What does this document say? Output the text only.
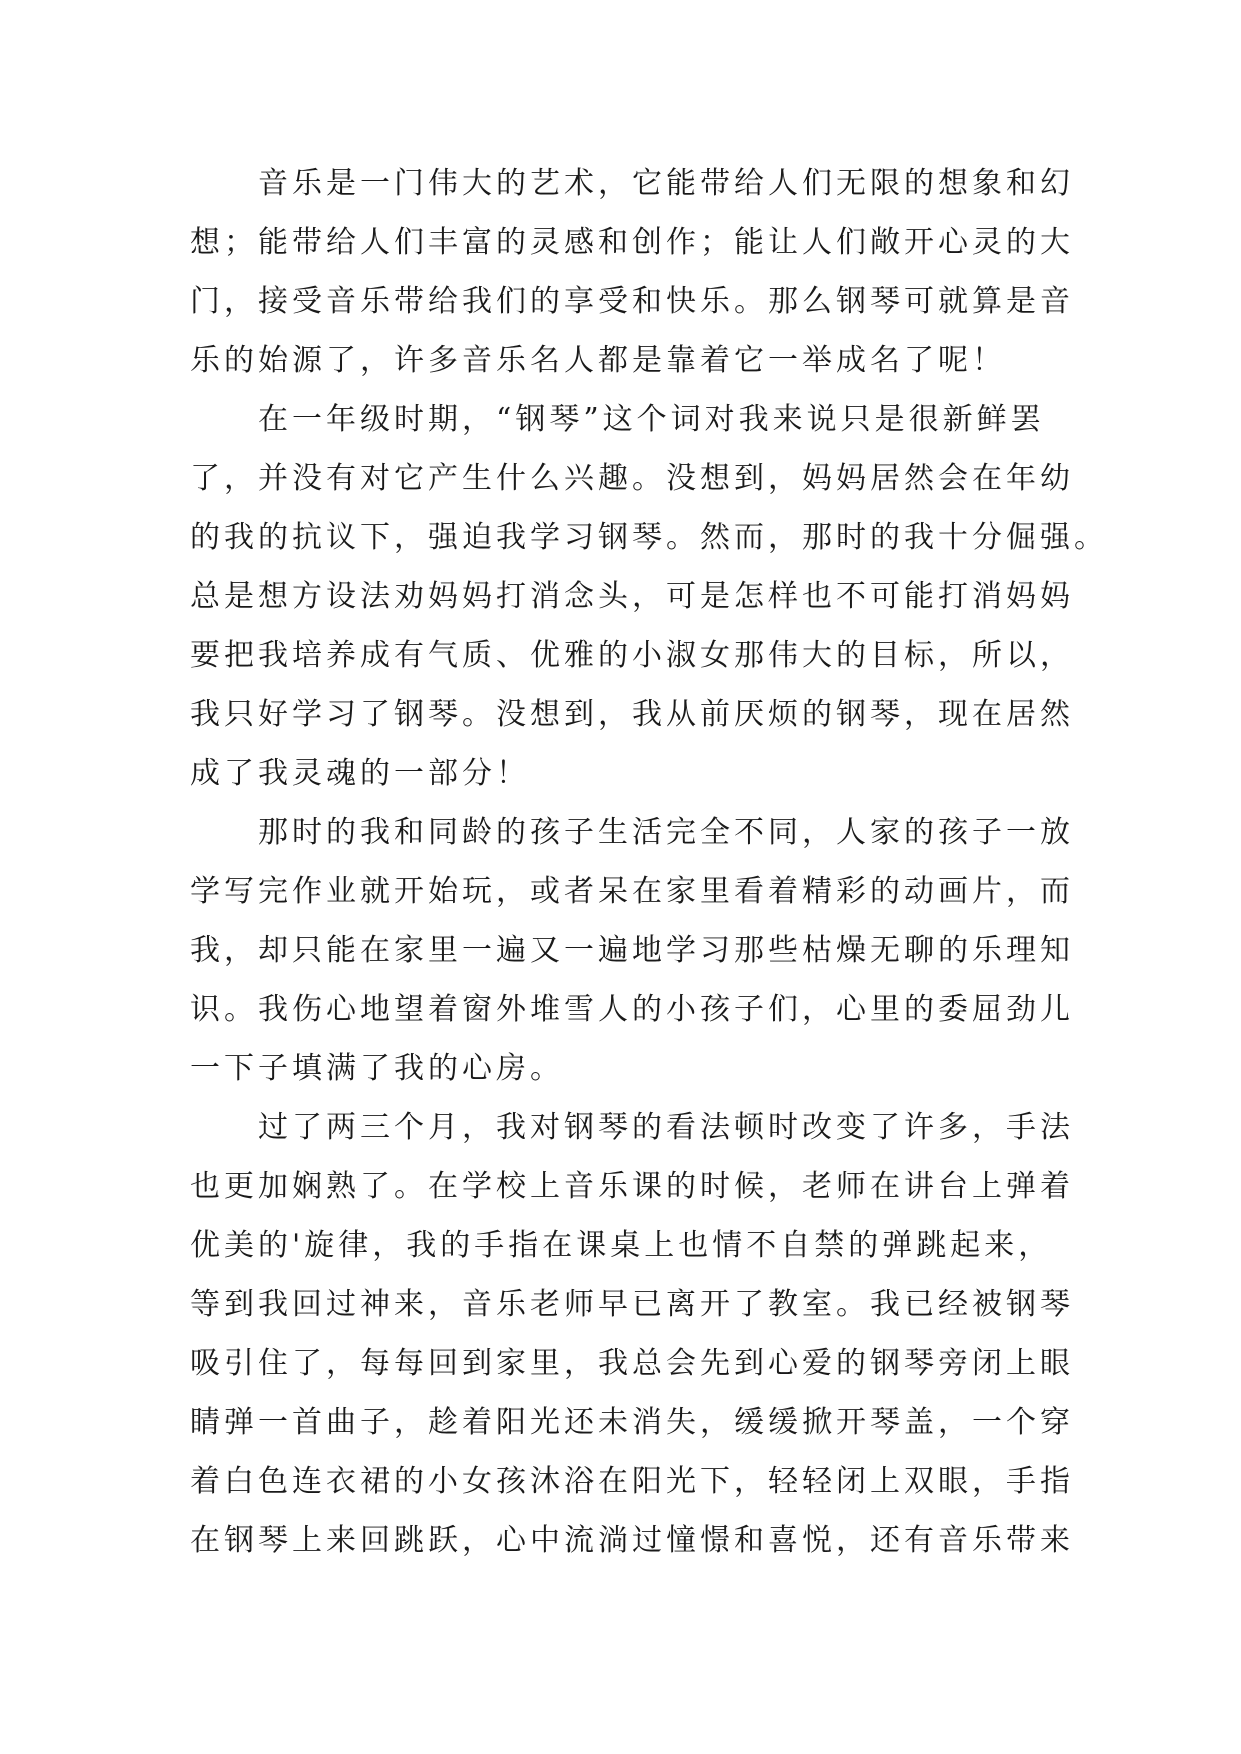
　　音乐是一门伟大的艺术，它能带给人们无限的想象和幻
想；能带给人们丰富的灵感和创作；能让人们敞开心灵的大
门，接受音乐带给我们的享受和快乐。那么钢琴可就算是音
乐的始源了，许多音乐名人都是靠着它一举成名了呢！
　　在一年级时期，“钢琴”这个词对我来说只是很新鲜罢
了，并没有对它产生什么兴趣。没想到，妈妈居然会在年幼
的我的抗议下，强迫我学习钢琴。然而，那时的我十分倔强。
总是想方设法劝妈妈打消念头，可是怎样也不可能打消妈妈
要把我培养成有气质、优雅的小淑女那伟大的目标，所以，
我只好学习了钢琴。没想到，我从前厌烦的钢琴，现在居然
成了我灵魂的一部分！
　　那时的我和同龄的孩子生活完全不同，人家的孩子一放
学写完作业就开始玩，或者呆在家里看着精彩的动画片，而
我，却只能在家里一遍又一遍地学习那些枯燥无聊的乐理知
识。我伤心地望着窗外堆雪人的小孩子们，心里的委屈劲儿
一下子填满了我的心房。
　　过了两三个月，我对钢琴的看法顿时改变了许多，手法
也更加娴熟了。在学校上音乐课的时候，老师在讲台上弹着
优美的'旋律，我的手指在课桌上也情不自禁的弹跳起来，
等到我回过神来，音乐老师早已离开了教室。我已经被钢琴
吸引住了，每每回到家里，我总会先到心爱的钢琴旁闭上眼
睛弹一首曲子，趁着阳光还未消失，缓缓掀开琴盖，一个穿
着白色连衣裙的小女孩沐浴在阳光下，轻轻闭上双眼，手指
在钢琴上来回跳跃，心中流淌过憧憬和喜悦，还有音乐带来
